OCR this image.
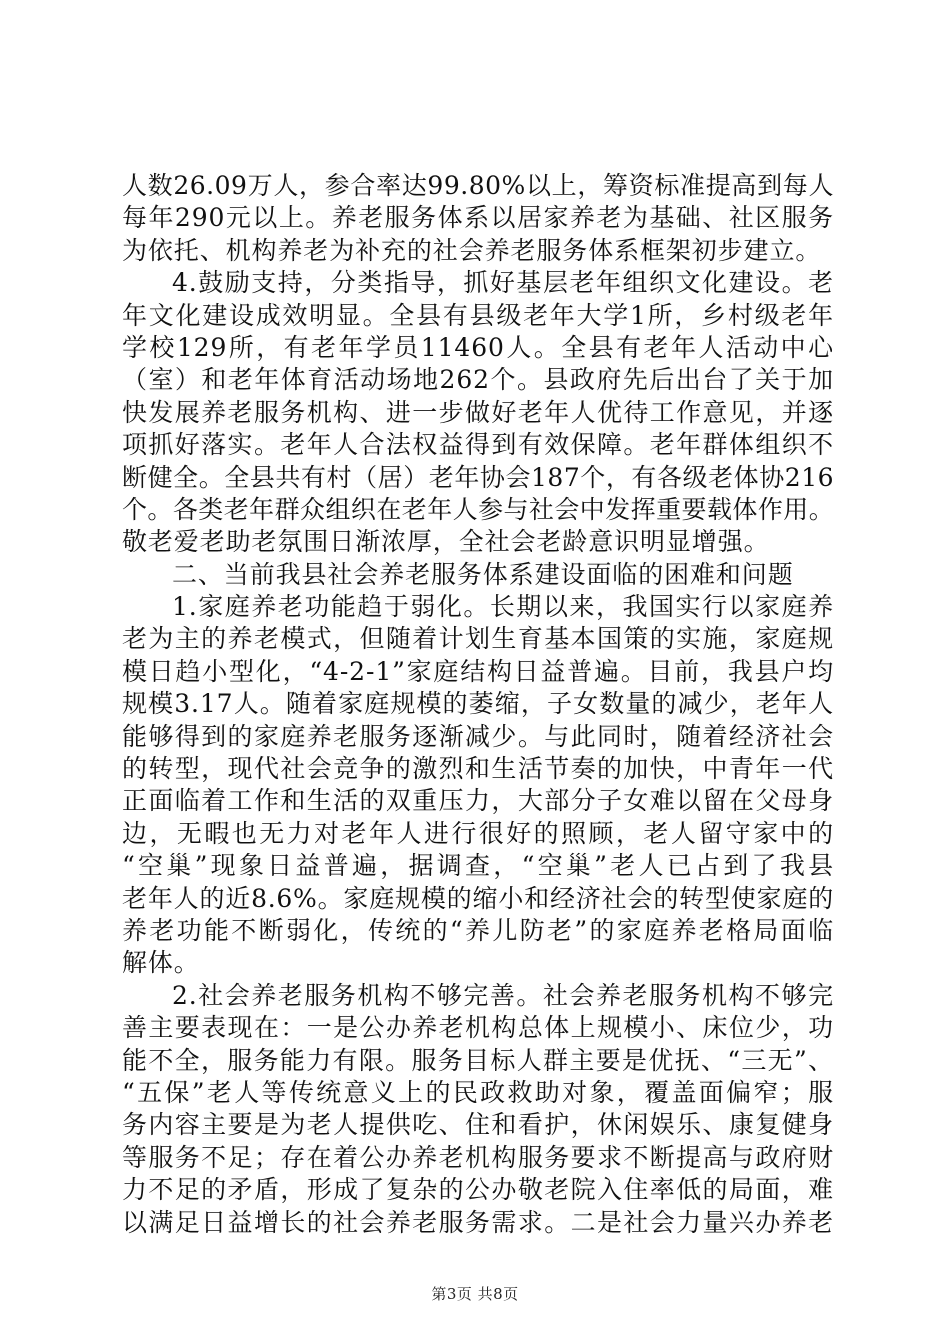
人数26.09万人，参合率达99.80%以上，筹资标准提高到每人
每年290元以上。养老服务体系以居家养老为基础、社区服务
为依托、机构养老为补充的社会养老服务体系框架初步建立。
4.鼓励支持，分类指导，抓好基层老年组织文化建设。老
年文化建设成效明显。全县有县级老年大学1所，乡村级老年
学校129所，有老年学员11460人。全县有老年人活动中心
（室）和老年体育活动场地262个。县政府先后出台了关于加
快发展养老服务机构、进一步做好老年人优待工作意见，并逐
项抓好落实。老年人合法权益得到有效保障。老年群体组织不
断健全。全县共有村（居）老年协会187个，有各级老体协216
个。各类老年群众组织在老年人参与社会中发挥重要载体作用。
敬老爱老助老氛围日渐浓厚，全社会老龄意识明显增强。
二、当前我县社会养老服务体系建设面临的困难和问题
1.家庭养老功能趋于弱化。长期以来，我国实行以家庭养
老为主的养老模式，但随着计划生育基本国策的实施，家庭规
模日趋小型化，“4-2-1”家庭结构日益普遍。目前，我县户均
规模3.17人。随着家庭规模的萎缩，子女数量的减少，老年人
能够得到的家庭养老服务逐渐减少。与此同时，随着经济社会
的转型，现代社会竞争的激烈和生活节奏的加快，中青年一代
正面临着工作和生活的双重压力，大部分子女难以留在父母身
边，无暇也无力对老年人进行很好的照顾，老人留守家中的
“空巢”现象日益普遍，据调查，“空巢”老人已占到了我县
老年人的近8.6%。家庭规模的缩小和经济社会的转型使家庭的
养老功能不断弱化，传统的“养儿防老”的家庭养老格局面临
解体。
2.社会养老服务机构不够完善。社会养老服务机构不够完
善主要表现在：一是公办养老机构总体上规模小、床位少，功
能不全，服务能力有限。服务目标人群主要是优抚、“三无”、
“五保”老人等传统意义上的民政救助对象，覆盖面偏窄；服
务内容主要是为老人提供吃、住和看护，休闲娱乐、康复健身
等服务不足；存在着公办养老机构服务要求不断提高与政府财
力不足的矛盾，形成了复杂的公办敬老院入住率低的局面，难
以满足日益增长的社会养老服务需求。二是社会力量兴办养老
第3页 共8页
